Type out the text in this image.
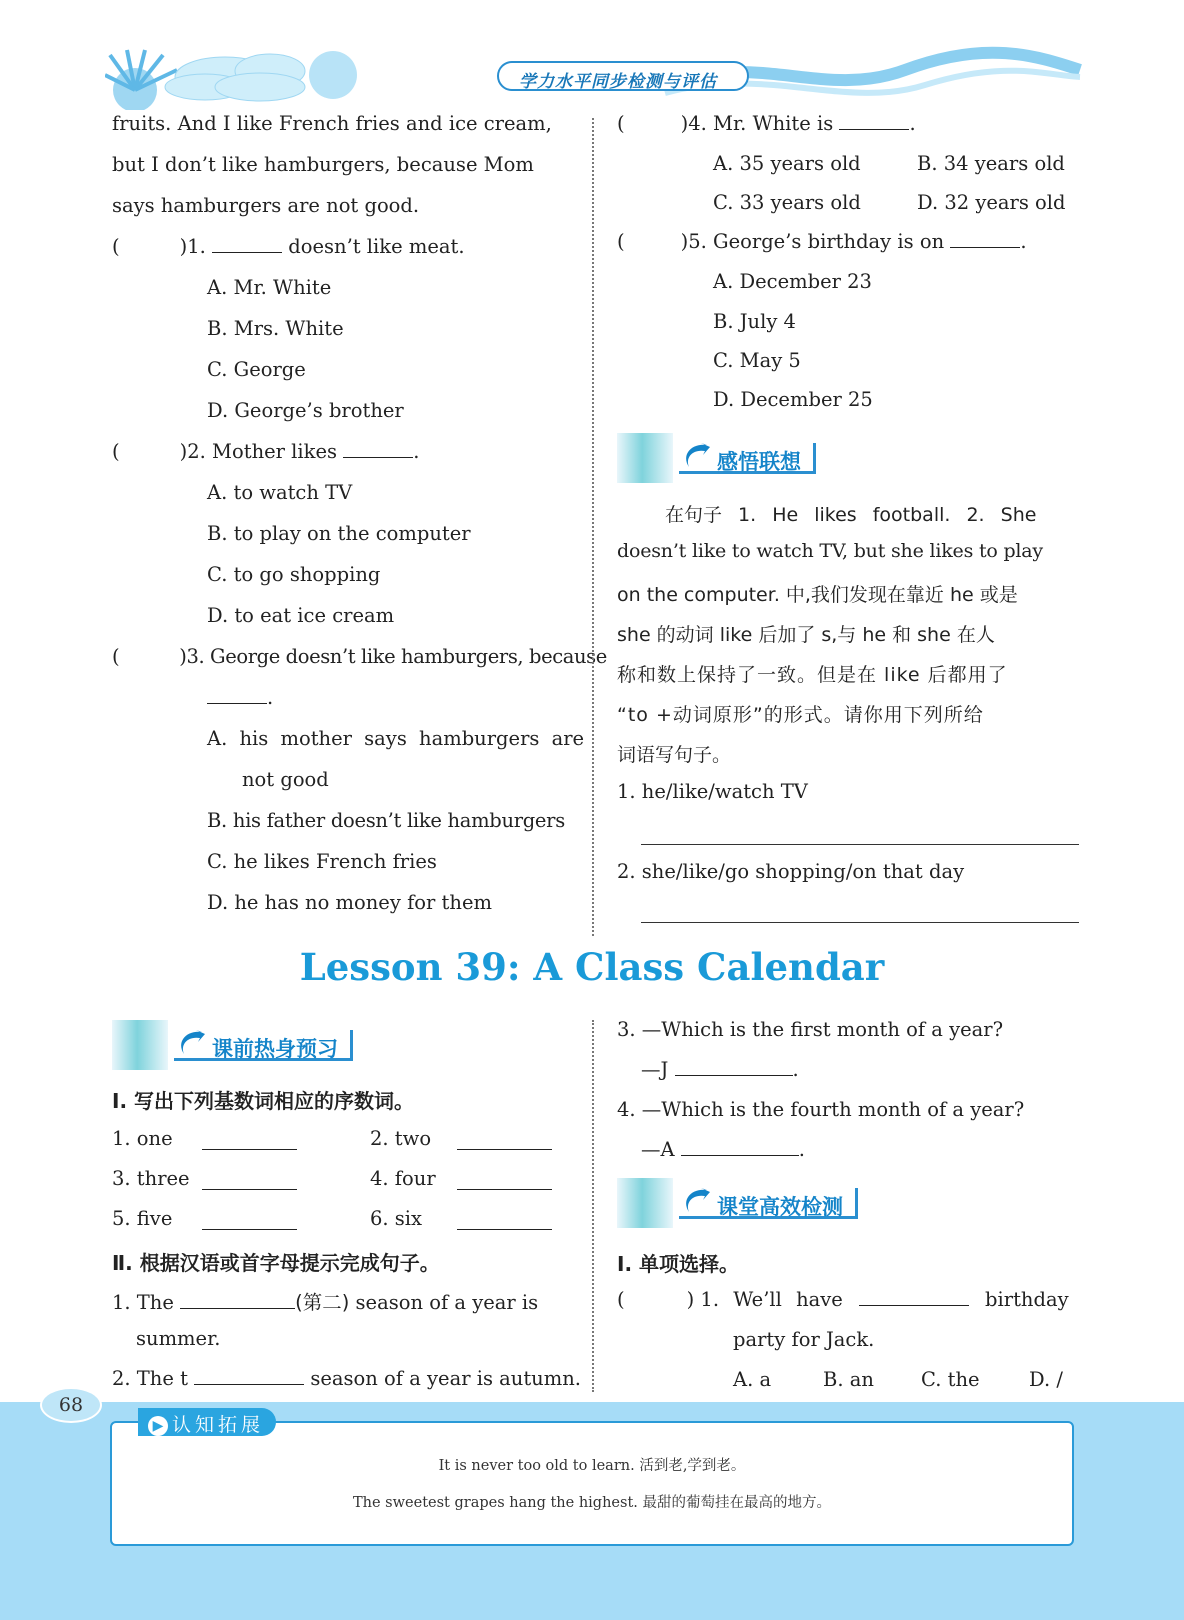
学力水平同步检测与评估
fruits. And I like French fries and ice cream,
but I don’t like hamburgers, because Mom
says hamburgers are not good.
(	)1.	doesn’t like meat.
A. Mr. White
B. Mrs. White
C. George
D. George’s brother
(	)2. Mother likes	.
A. to watch TV
B. to play on the computer
C. to go shopping
D. to eat ice cream
(	)3. George doesn’t like hamburgers, because
.
A. his mother says hamburgers are
not good
B. his father doesn’t like hamburgers
C. he likes French fries
D. he has no money for them
(	)4. Mr. White is	.
A. 35 years old	B. 34 years old
C. 33 years old	D. 32 years old
(	)5. George’s birthday is on	.
A. December 23
B. July 4
C. May 5
D. December 25
感悟联想
在句子 1. He likes football. 2. She
doesn’t like to watch TV, but she likes to play
on the computer. 中,我们发现在靠近 he 或是
she 的动词 like 后加了 s,与 he 和 she 在人
称和数上保持了一致。但是在 like 后都用了
“to +动词原形”的形式。请你用下列所给
词语写句子。
1. he/like/watch TV
2. she/like/go shopping/on that day
Lesson 39: A Class Calendar
课前热身预习
Ⅰ. 写出下列基数词相应的序数词。
1. one	2. two
3. three	4. four
5. five	6. six
Ⅱ. 根据汉语或首字母提示完成句子。
1. The	(第二) season of a year is
summer.
2. The t	season of a year is autumn.
3. —Which is the first month of a year?
—J	.
4. —Which is the fourth month of a year?
—A	.
课堂高效检测
Ⅰ. 单项选择。
(	) 1. We’ll have	birthday
party for Jack.
A. a	B. an C. the	D. /
68
▶ 认知拓展
It is never too old to learn. 活到老,学到老。
The sweetest grapes hang the highest. 最甜的葡萄挂在最高的地方。
